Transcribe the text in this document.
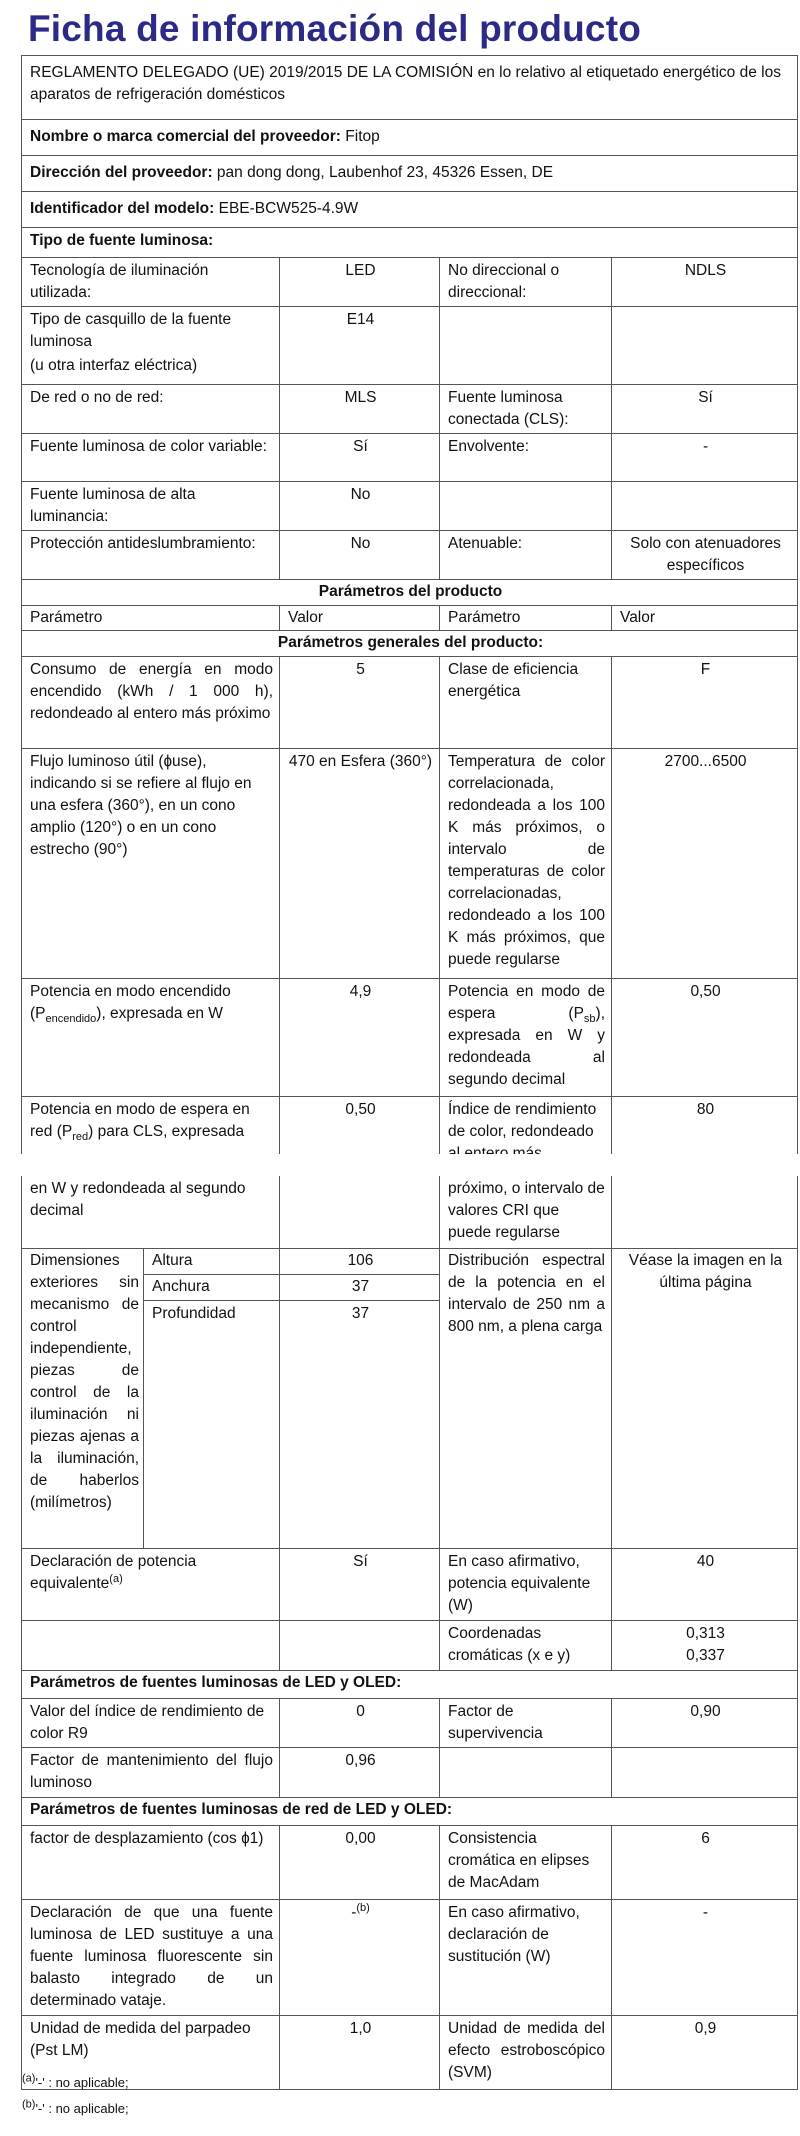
Ficha de información del producto
REGLAMENTO DELEGADO (UE) 2019/2015 DE LA COMISIÓN en lo relativo al etiquetado energético de los aparatos de refrigeración domésticos			
Nombre o marca comercial del proveedor: Fitop			
Dirección del proveedor: pan dong dong, Laubenhof 23, 45326 Essen, DE			
Identificador del modelo: EBE-BCW525-4.9W			
Tipo de fuente luminosa:			
Tecnología de iluminación utilizada:	LED	No direccional o direccional:	NDLS

Tipo de casquillo de la fuente luminosa
(u otra interfaz eléctrica)	E14		
De red o no de red:	MLS	Fuente luminosa conectada (CLS):	Sí
Fuente luminosa de color variable:	Sí	Envolvente:	-
Fuente luminosa de alta luminancia:	No		
Protección antideslumbramiento:	No	Atenuable:	Solo con atenuadores específicos
Parámetros del producto			
Parámetro	Valor	Parámetro	Valor
Parámetros generales del producto:			
Consumo de energía en modo encendido (kWh / 1 000 h), redondeado al entero más próximo	5	Clase de eficiencia energética	F
Flujo luminoso útil (ɸuse), indicando si se refiere al flujo en una esfera (360°), en un cono amplio (120°) o en un cono estrecho (90°)	470 en Esfera (360°)	Temperatura de color correlacionada, redondeada a los 100 K más próximos, o intervalo de temperaturas de color correlacionadas, redondeado a los 100 K más próximos, que puede regularse	2700...6500
Potencia en modo encendido $(P_{encendido})$, expresada en W	4,9	Potencia en modo de espera $(P_{sb})$, expresada en W y redondeada al segundo decimal	0,50
Potencia en modo de espera en red $(P_{red})$ para CLS, expresada	0,50	Índice de rendimiento de color, redondeado	80
en W y redondeada al segundo decimal			próximo, o intervalo de valores CRI que puede regularse	
Dimensiones exteriores sin mecanismo de control independiente, piezas de control de la iluminación ni piezas ajenas a la iluminación, de haberlos (milímetros)	Altura	106	Distribución espectral de la potencia en el intervalo de 250 nm a 800 nm, a plena carga	Véase la imagen en la última página
	Anchura	37		
	Profundidad	37		
Declaración de potencia equivalente$^{(a)}$		Sí	En caso afirmativo, potencia equivalente (W)	40
			Coordenadas cromáticas (x e y)	0,313
0,337

Parámetros de fuentes luminosas de LED y OLED:				
Valor del índice de rendimiento de color R9		0	Factor de supervivencia	0,90
Factor de mantenimiento del flujo luminoso		0,96		
Parámetros de fuentes luminosas de red de LED y OLED:				
factor de desplazamiento (cos ɸ1)		0,00	Consistencia cromática en elipses de MacAdam	6
Declaración de que una fuente luminosa de LED sustituye a una fuente luminosa fluorescente sin balasto integrado de un determinado vataje.		-$^{(b)}$	En caso afirmativo, declaración de sustitución (W)	-
Unidad de medida del parpadeo (Pst LM)		1,0	Unidad de medida del efecto estroboscópico (SVM)	0,9
$^{(a)}$'-' : no aplicable;
$^{(b)}$'-' : no aplicable;
